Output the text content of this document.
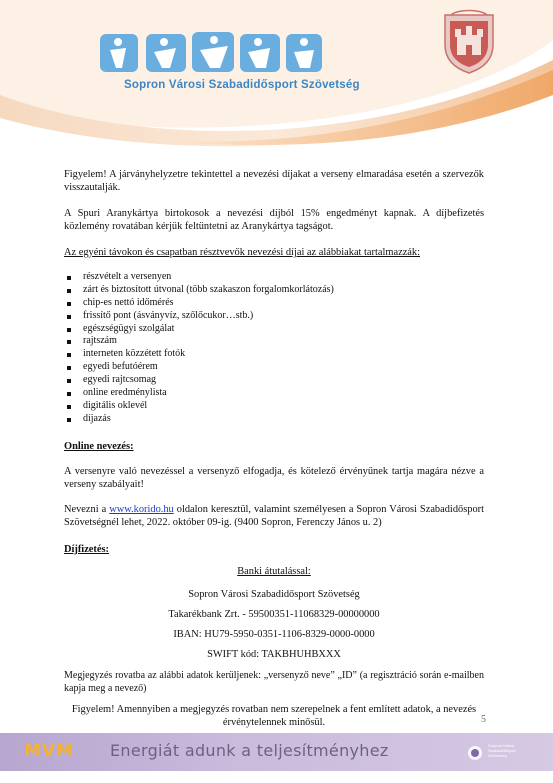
Sopron Városi Szabadidősport Szövetség

Figyelem! A járványhelyzetre tekintettel a nevezési díjakat a verseny elmaradása esetén a szervezők visszautalják.

A Spuri Aranykártya birtokosok a nevezési díjból 15% engedményt kapnak. A díjbefizetés közlemény rovatában kérjük feltüntetni az Aranykártya tagságot.

Az egyéni távokon és csapatban résztvevők nevezési díjai az alábbiakat tartalmazzák:

részvételt a versenyen
zárt és biztosított útvonal (több szakaszon forgalomkorlátozás)
chip-es nettó időmérés
frissítő pont (ásványvíz, szőlőcukor…stb.)
egészségügyi szolgálat
rajtszám
interneten közzétett fotók
egyedi befutóérem
egyedi rajtcsomag
online eredménylista
digitális oklevél
díjazás

Online nevezés:

A versenyre való nevezéssel a versenyző elfogadja, és kötelező érvényűnek tartja magára nézve a verseny szabályait!

Nevezni a www.korido.hu oldalon keresztül, valamint személyesen a Sopron Városi Szabadidősport Szövetségnél lehet, 2022. október 09-ig. (9400 Sopron, Ferenczy János u. 2)

Díjfizetés:

Banki átutalással:

Sopron Városi Szabadidősport Szövetség

Takarékbank Zrt. - 59500351-11068329-00000000

IBAN: HU79-5950-0351-1106-8329-0000-0000

SWIFT kód: TAKBHUHBXXX

Megjegyzés rovatba az alábbi adatok kerüljenek: „versenyző neve” „ID” (a regisztráció során e-mailben kapja meg a nevező)

Figyelem! Amennyiben a megjegyzés rovatban nem szerepelnek a fent említett adatok, a nevezés érvénytelennek minősül.	5
MVM Energiát adunk a teljesítményhez	Soproni Városi Szabadidősport Szövetség
